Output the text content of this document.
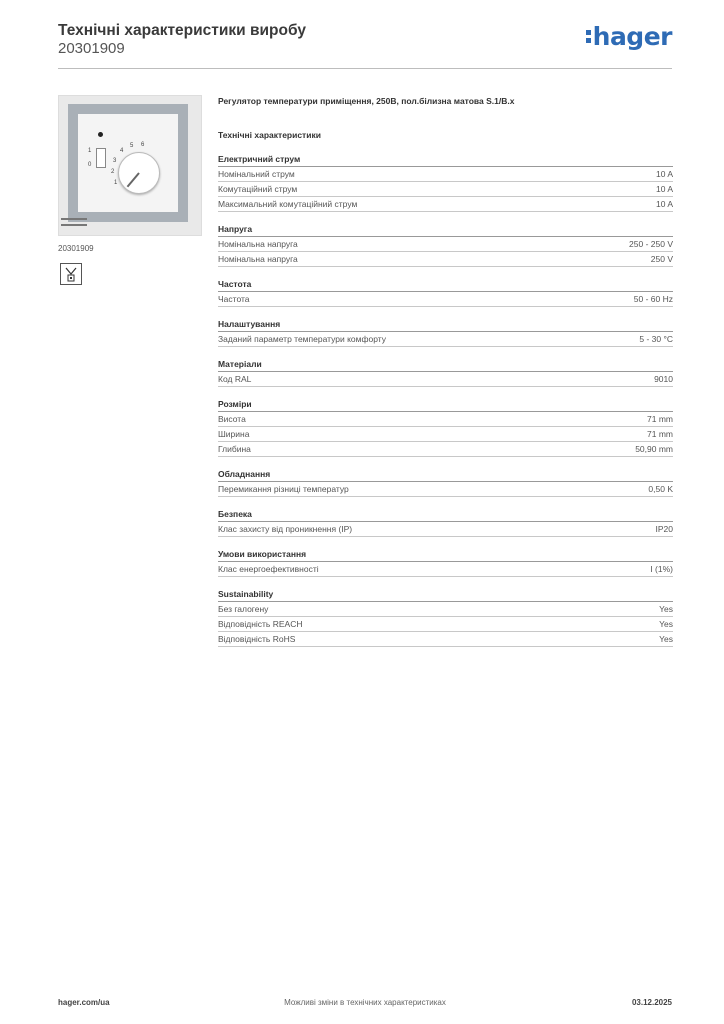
Технічні характеристики виробу
20301909	hager
1
0
1
2
3
4
5 6
20301909
Регулятор температури приміщення, 250В, пол.білизна матова S.1/B.x
Технічні характеристики
Електричний струм
Номінальний струм	10 A
Комутаційний струм	10 A
Максимальний комутаційний струм	10 A
Напруга
Номінальна напруга	250 - 250 V
Номінальна напруга	250 V
Частота
Частота	50 - 60 Hz
Налаштування
Заданий параметр температури комфорту	5 - 30 °C
Матеріали
Код RAL	9010
Розміри
Висота	71 mm
Ширина	71 mm
Глибина	50,90 mm
Обладнання
Перемикання різниці температур	0,50 K
Безпека
Клас захисту від проникнення (IP)	IP20
Умови використання
Клас енергоефективності	I (1%)
Sustainability
Без галогену	Yes
Відповідність REACH	Yes
Відповідність RoHS	Yes
hager.com/ua	Можливі зміни в технічних характеристиках	03.12.2025
